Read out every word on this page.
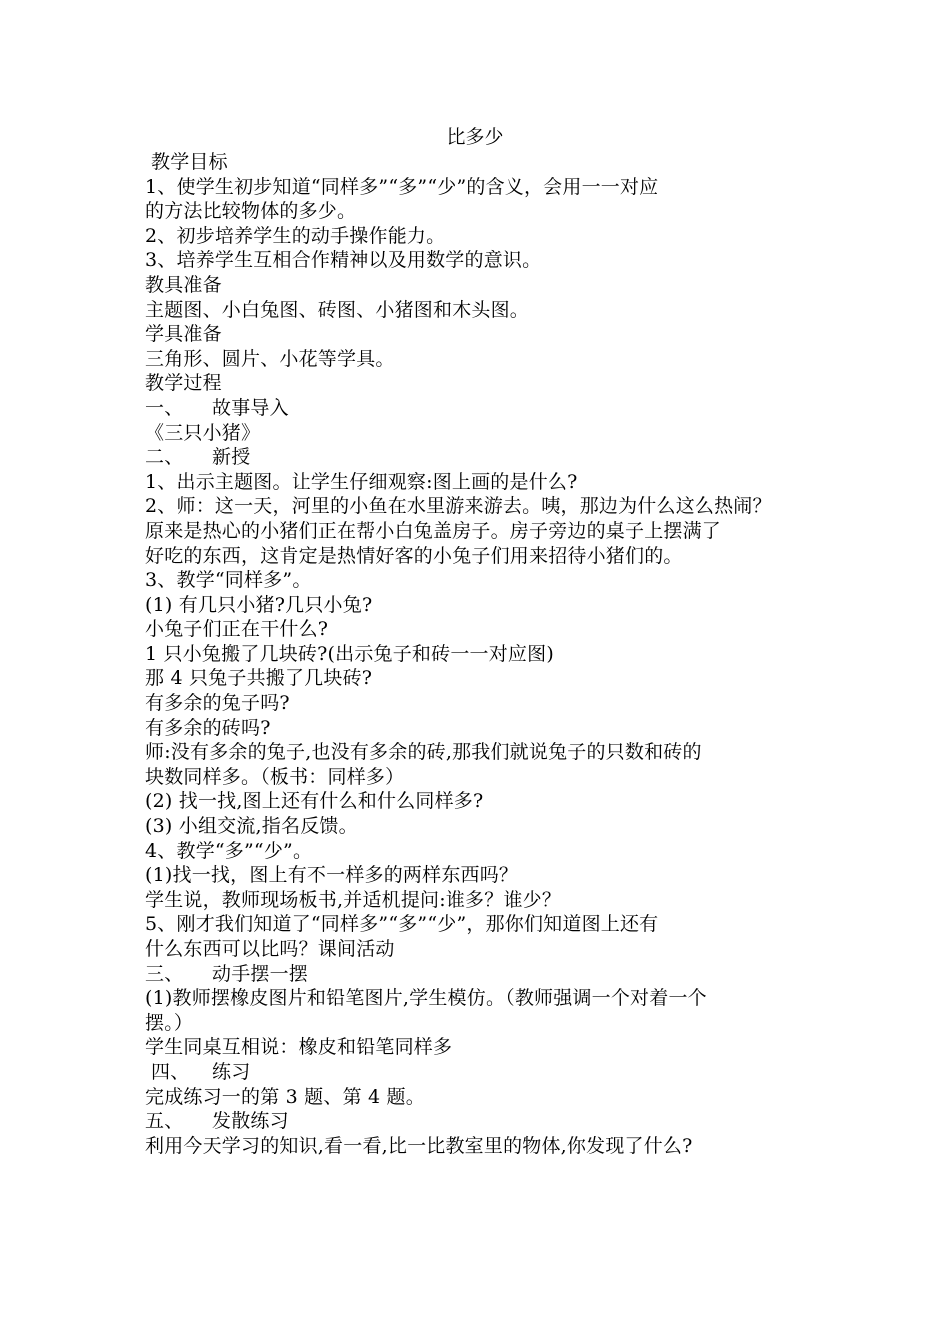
比多少
教学目标
1、使学生初步知道“同样多”“多”“少”的含义，会用一一对应
的方法比较物体的多少。
2、初步培养学生的动手操作能力。
3、培养学生互相合作精神以及用数学的意识。
教具准备
主题图、小白兔图、砖图、小猪图和木头图。
学具准备
三角形、圆片、小花等学具。
教学过程
一、 故事导入
《三只小猪》
二、 新授
1、出示主题图。让学生仔细观察:图上画的是什么?
2、师：这一天，河里的小鱼在水里游来游去。咦，那边为什么这么热闹？
原来是热心的小猪们正在帮小白兔盖房子。房子旁边的桌子上摆满了
好吃的东西，这肯定是热情好客的小兔子们用来招待小猪们的。
3、教学“同样多”。
(1) 有几只小猪?几只小兔?
小兔子们正在干什么?
1 只小兔搬了几块砖?(出示兔子和砖一一对应图)
那 4 只兔子共搬了几块砖?
有多余的兔子吗?
有多余的砖吗?
师:没有多余的兔子,也没有多余的砖,那我们就说兔子的只数和砖的
块数同样多。（板书：同样多）
(2) 找一找,图上还有什么和什么同样多?
(3) 小组交流,指名反馈。
4、教学“多”“少”。
(1)找一找，图上有不一样多的两样东西吗？
学生说，教师现场板书,并适机提问:谁多？谁少？
5、刚才我们知道了“同样多”“多”“少”，那你们知道图上还有
什么东西可以比吗？课间活动
三、 动手摆一摆
(1)教师摆橡皮图片和铅笔图片,学生模仿。（教师强调一个对着一个
摆。）
学生同桌互相说：橡皮和铅笔同样多
四、 练习
完成练习一的第 3 题、第 4 题。
五、 发散练习
利用今天学习的知识,看一看,比一比教室里的物体,你发现了什么?
